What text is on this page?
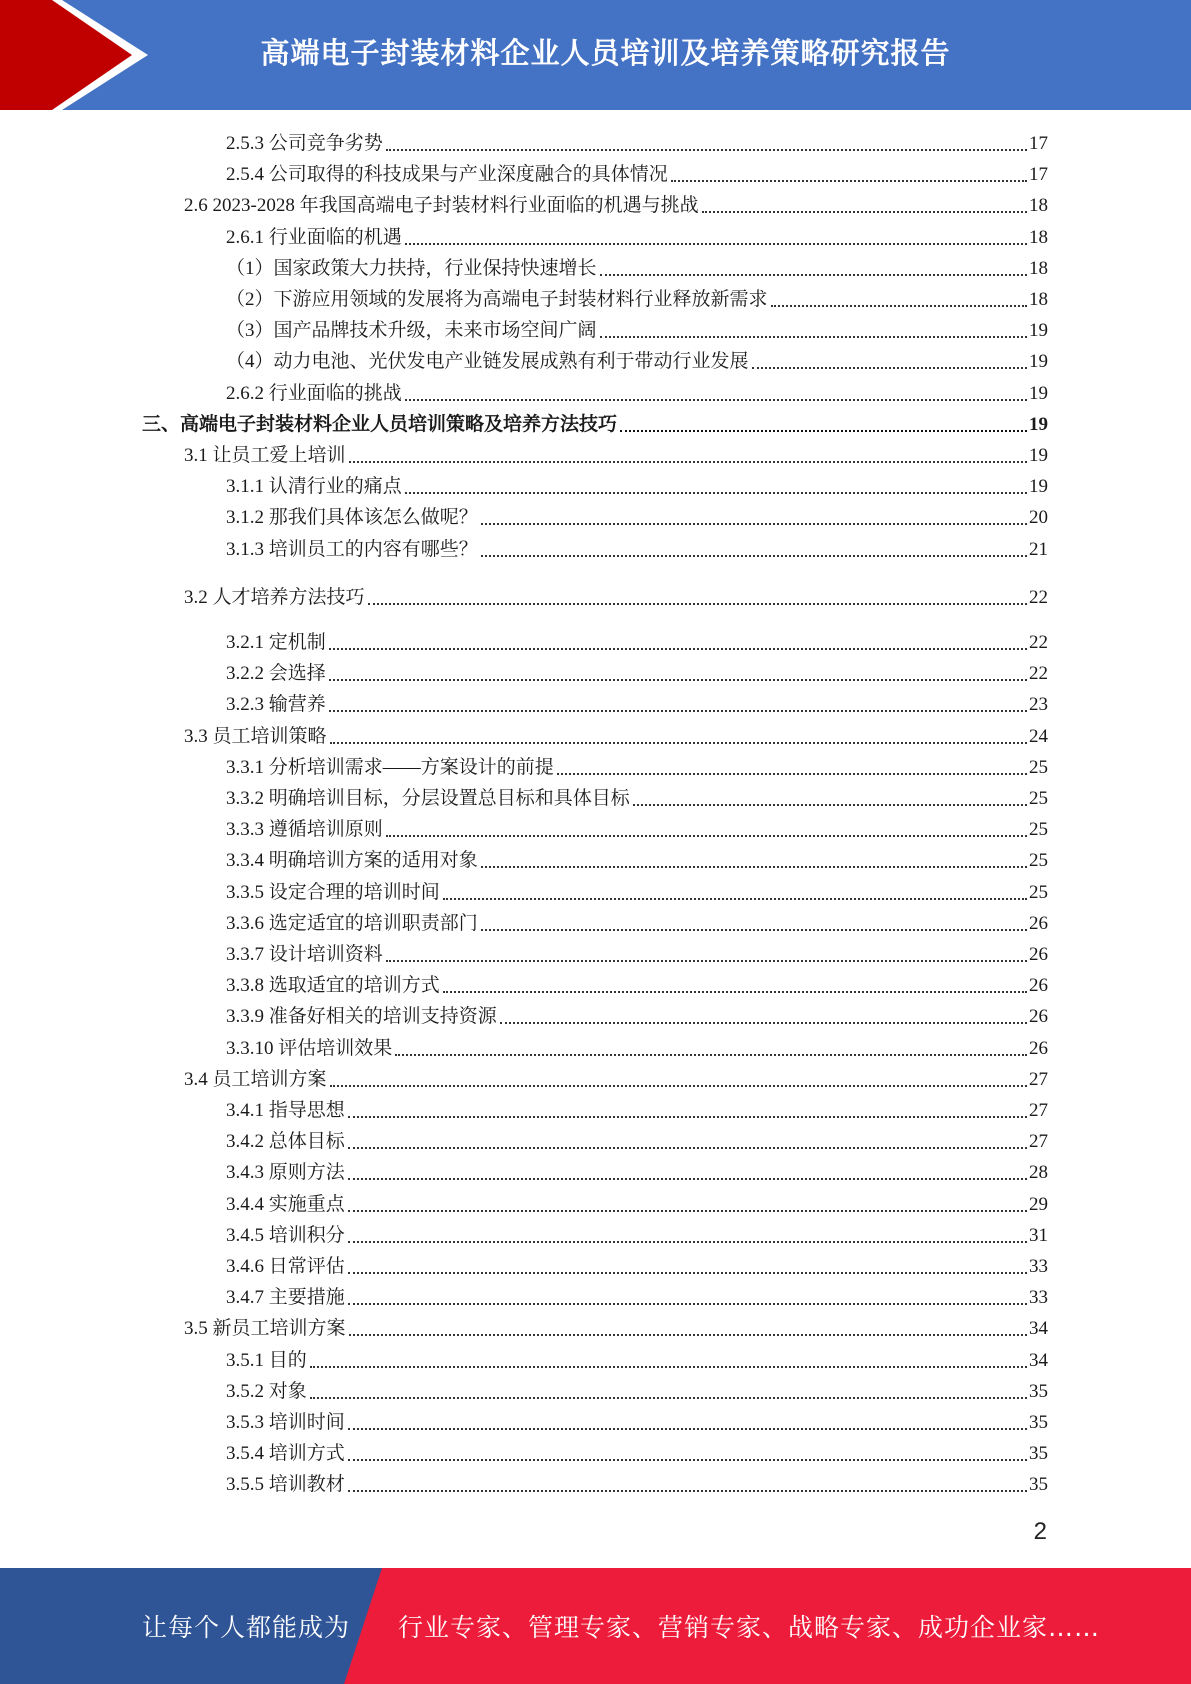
高端电子封装材料企业人员培训及培养策略研究报告
2.5.3 公司竞争劣势	17
2.5.4 公司取得的科技成果与产业深度融合的具体情况	17
2.6 2023-2028 年我国高端电子封装材料行业面临的机遇与挑战	18
2.6.1 行业面临的机遇	18
（1）国家政策大力扶持，行业保持快速增长	18
（2）下游应用领域的发展将为高端电子封装材料行业释放新需求	18
（3）国产品牌技术升级，未来市场空间广阔	19
（4）动力电池、光伏发电产业链发展成熟有利于带动行业发展	19
2.6.2 行业面临的挑战	19
三、高端电子封装材料企业人员培训策略及培养方法技巧	19
3.1 让员工爱上培训	19
3.1.1 认清行业的痛点	19
3.1.2 那我们具体该怎么做呢？	20
3.1.3 培训员工的内容有哪些？	21
3.2 人才培养方法技巧	22
3.2.1 定机制	22
3.2.2 会选择	22
3.2.3 输营养	23
3.3 员工培训策略	24
3.3.1 分析培训需求——方案设计的前提	25
3.3.2 明确培训目标，分层设置总目标和具体目标	25
3.3.3 遵循培训原则	25
3.3.4 明确培训方案的适用对象	25
3.3.5 设定合理的培训时间	25
3.3.6 选定适宜的培训职责部门	26
3.3.7 设计培训资料	26
3.3.8 选取适宜的培训方式	26
3.3.9 准备好相关的培训支持资源	26
3.3.10 评估培训效果	26
3.4 员工培训方案	27
3.4.1 指导思想	27
3.4.2 总体目标	27
3.4.3 原则方法	28
3.4.4 实施重点	29
3.4.5 培训积分	31
3.4.6 日常评估	33
3.4.7 主要措施	33
3.5 新员工培训方案	34
3.5.1 目的	34
3.5.2 对象	35
3.5.3 培训时间	35
3.5.4 培训方式	35
3.5.5 培训教材	35
2
让每个人都能成为 行业专家、管理专家、营销专家、战略专家、成功企业家……
